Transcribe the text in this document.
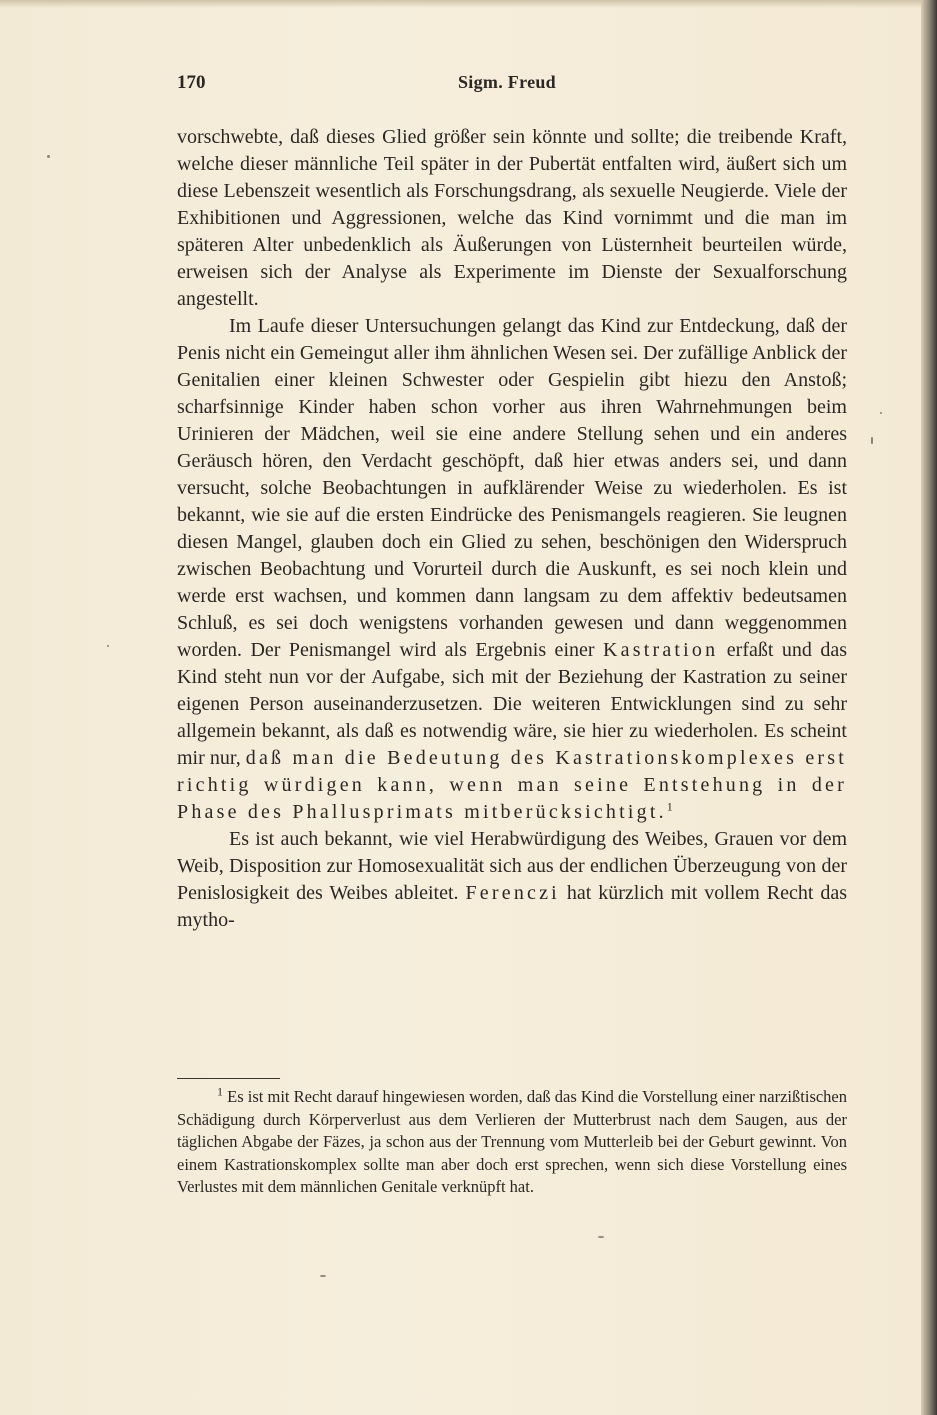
170	Sigm. Freud

vorschwebte, daß dieses Glied größer sein könnte und sollte; die treibende Kraft, welche dieser männliche Teil später in der Pubertät entfalten wird, äußert sich um diese Lebenszeit wesentlich als Forschungsdrang, als sexuelle Neugierde. Viele der Exhibitionen und Aggressionen, welche das Kind vornimmt und die man im späteren Alter unbedenklich als Äußerungen von Lüsternheit beurteilen würde, erweisen sich der Analyse als Experimente im Dienste der Sexualforschung angestellt.

Im Laufe dieser Untersuchungen gelangt das Kind zur Entdeckung, daß der Penis nicht ein Gemeingut aller ihm ähnlichen Wesen sei. Der zufällige Anblick der Genitalien einer kleinen Schwester oder Gespielin gibt hiezu den Anstoß; scharfsinnige Kinder haben schon vorher aus ihren Wahrnehmungen beim Urinieren der Mädchen, weil sie eine andere Stellung sehen und ein anderes Geräusch hören, den Verdacht geschöpft, daß hier etwas anders sei, und dann versucht, solche Beobachtungen in aufklärender Weise zu wiederholen. Es ist bekannt, wie sie auf die ersten Eindrücke des Penismangels reagieren. Sie leugnen diesen Mangel, glauben doch ein Glied zu sehen, beschönigen den Widerspruch zwischen Beobachtung und Vorurteil durch die Auskunft, es sei noch klein und werde erst wachsen, und kommen dann langsam zu dem affektiv bedeutsamen Schluß, es sei doch wenigstens vorhanden gewesen und dann weggenommen worden. Der Penismangel wird als Ergebnis einer Kastration erfaßt und das Kind steht nun vor der Aufgabe, sich mit der Beziehung der Kastration zu seiner eigenen Person auseinanderzusetzen. Die weiteren Entwicklungen sind zu sehr allgemein bekannt, als daß es notwendig wäre, sie hier zu wiederholen. Es scheint mir nur, daß man die Bedeutung des Kastrationskomplexes erst richtig würdigen kann, wenn man seine Entstehung in der Phase des Phallusprimats mitberücksichtigt.$^1$

Es ist auch bekannt, wie viel Herabwürdigung des Weibes, Grauen vor dem Weib, Disposition zur Homosexualität sich aus der endlichen Überzeugung von der Penislosigkeit des Weibes ableitet. Ferenczi hat kürzlich mit vollem Recht das mytho-

$^1$ Es ist mit Recht darauf hingewiesen worden, daß das Kind die Vorstellung einer narzißtischen Schädigung durch Körperverlust aus dem Verlieren der Mutterbrust nach dem Saugen, aus der täglichen Abgabe der Fäzes, ja schon aus der Trennung vom Mutterleib bei der Geburt gewinnt. Von einem Kastrationskomplex sollte man aber doch erst sprechen, wenn sich diese Vorstellung eines Verlustes mit dem männlichen Genitale verknüpft hat.
